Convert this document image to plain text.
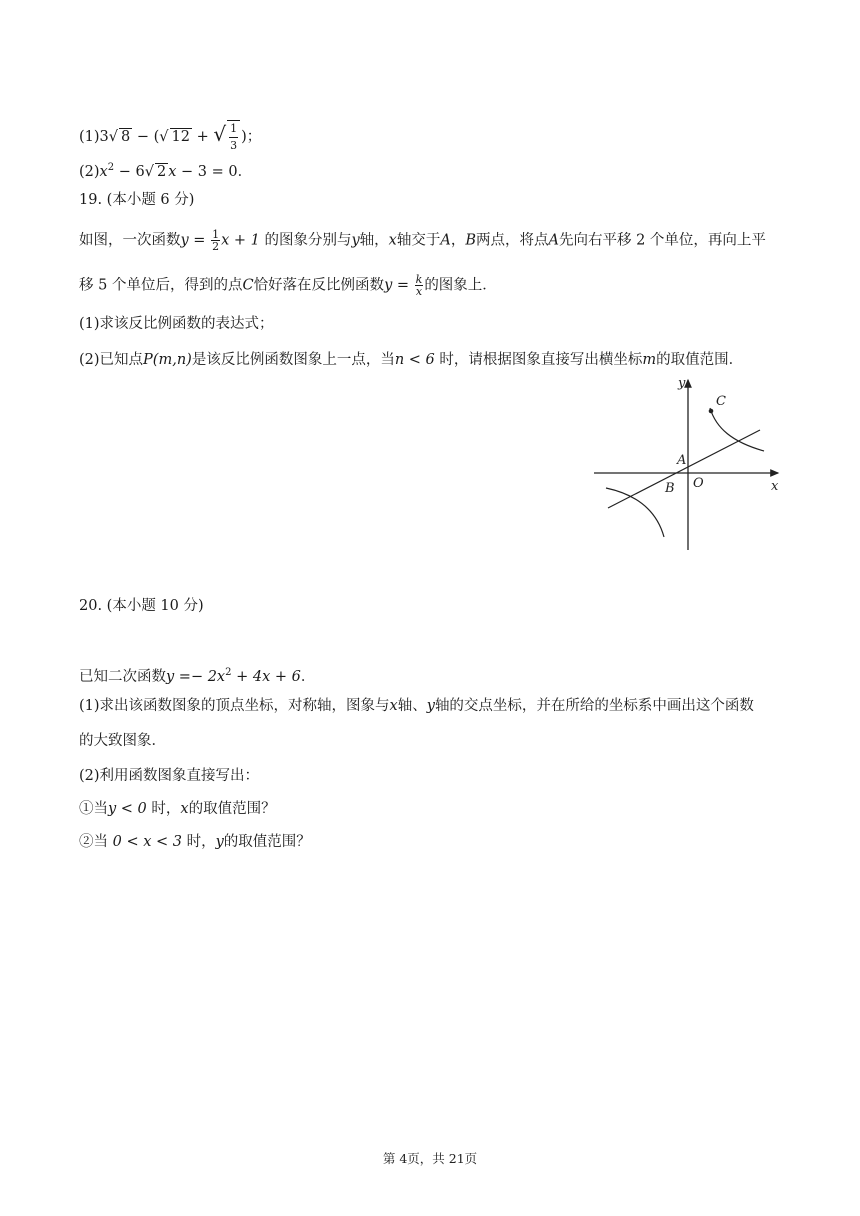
(1)3√ 8 − (√ 12 + √ $\frac{1}{3}$ )；
$(2)x^2 - 6√$ 2 x − 3 = 0．
19. (本小题 6 分)
如图，一次函数$y = \frac{1}{2}$ x + 1 的图象分别与y轴，x轴交于A，B两点，将点A先向右平移 2 个单位，再向上平
移 5 个单位后，得到的点C恰好落在反比例函数$y = \frac{k}{x}$ 的图象上．
(1)求该反比例函数的表达式；
(2)已知点P(m,n)是该反比例函数图象上一点，当n < 6 时，请根据图象直接写出横坐标m的取值范围．
y
x
O
A
B
C
20. (本小题 10 分)
已知二次函数$y =- 2x^2 + 4x + 6$．
(1)求出该函数图象的顶点坐标，对称轴，图象与x轴、y轴的交点坐标，并在所给的坐标系中画出这个函数
的大致图象．
(2)利用函数图象直接写出：
①当y < 0 时，x的取值范围？
②当 0 < x < 3 时，y的取值范围？
第 4页，共 21页
